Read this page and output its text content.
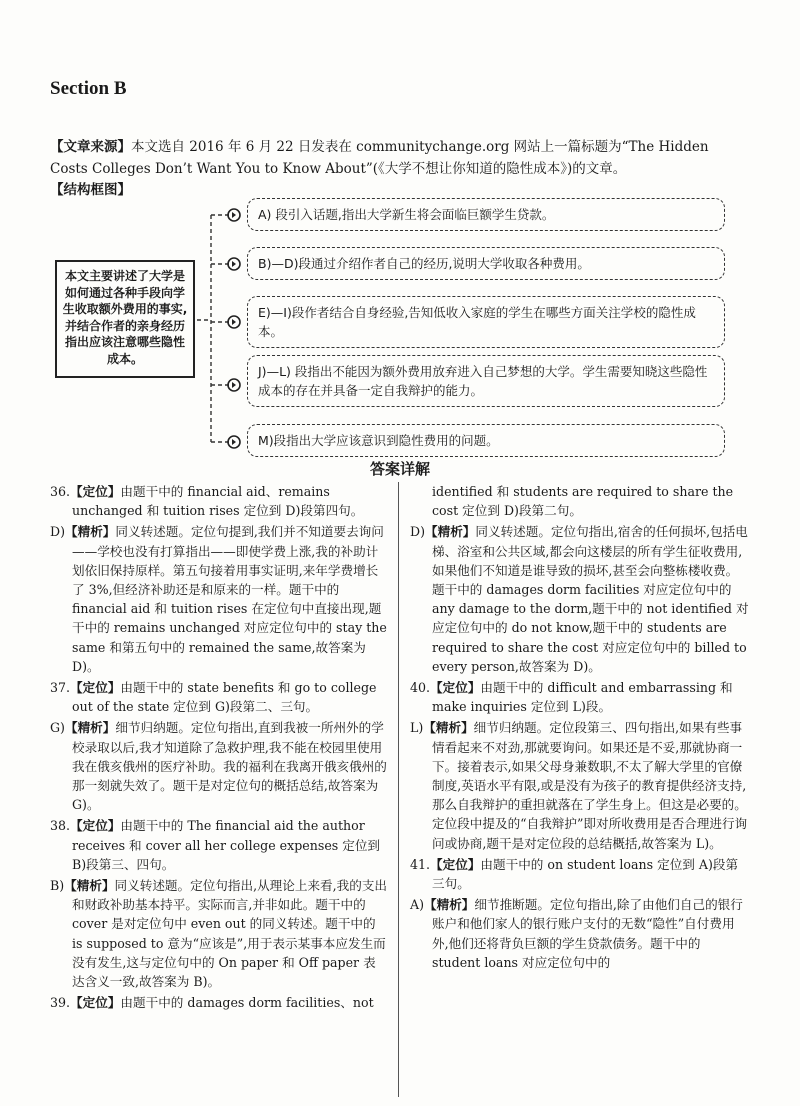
Section B
【文章来源】本文选自 2016 年 6 月 22 日发表在 communitychange.org 网站上一篇标题为“The Hidden Costs Colleges Don’t Want You to Know About”(《大学不想让你知道的隐性成本》)的文章。
【结构框图】
本文主要讲述了大学是如何通过各种手段向学生收取额外费用的事实,并结合作者的亲身经历指出应该注意哪些隐性成本。
A) 段引入话题,指出大学新生将会面临巨额学生贷款。
B)—D)段通过介绍作者自己的经历,说明大学收取各种费用。
E)—I)段作者结合自身经验,告知低收入家庭的学生在哪些方面关注学校的隐性成本。
J)—L) 段指出不能因为额外费用放弃进入自己梦想的大学。学生需要知晓这些隐性成本的存在并具备一定自我辩护的能力。
M)段指出大学应该意识到隐性费用的问题。
答案详解

36.【定位】由题干中的 financial aid、remains unchanged 和 tuition rises 定位到 D)段第四句。

D)【精析】同义转述题。定位句提到,我们并不知道要去询问——学校也没有打算指出——即使学费上涨,我的补助计划依旧保持原样。第五句接着用事实证明,来年学费增长了 3%,但经济补助还是和原来的一样。题干中的 financial aid 和 tuition rises 在定位句中直接出现,题干中的 remains unchanged 对应定位句中的 stay the same 和第五句中的 remained the same,故答案为 D)。

37.【定位】由题干中的 state benefits 和 go to college out of the state 定位到 G)段第二、三句。

G)【精析】细节归纳题。定位句指出,直到我被一所州外的学校录取以后,我才知道除了急救护理,我不能在校园里使用我在俄亥俄州的医疗补助。我的福利在我离开俄亥俄州的那一刻就失效了。题干是对定位句的概括总结,故答案为 G)。

38.【定位】由题干中的 The financial aid the author receives 和 cover all her college expenses 定位到 B)段第三、四句。

B)【精析】同义转述题。定位句指出,从理论上来看,我的支出和财政补助基本持平。实际而言,并非如此。题干中的 cover 是对定位句中 even out 的同义转述。题干中的 is supposed to 意为“应该是”,用于表示某事本应发生而没有发生,这与定位句中的 On paper 和 Off paper 表达含义一致,故答案为 B)。

39.【定位】由题干中的 damages dorm facilities、not

identified 和 students are required to share the cost 定位到 D)段第二句。

D)【精析】同义转述题。定位句指出,宿舍的任何损坏,包括电梯、浴室和公共区域,都会向这楼层的所有学生征收费用,如果他们不知道是谁导致的损坏,甚至会向整栋楼收费。题干中的 damages dorm facilities 对应定位句中的 any damage to the dorm,题干中的 not identified 对应定位句中的 do not know,题干中的 students are required to share the cost 对应定位句中的 billed to every person,故答案为 D)。

40.【定位】由题干中的 difficult and embarrassing 和 make inquiries 定位到 L)段。

L)【精析】细节归纳题。定位段第三、四句指出,如果有些事情看起来不对劲,那就要询问。如果还是不妥,那就协商一下。接着表示,如果父母身兼数职,不太了解大学里的官僚制度,英语水平有限,或是没有为孩子的教育提供经济支持,那么自我辩护的重担就落在了学生身上。但这是必要的。定位段中提及的“自我辩护”即对所收费用是否合理进行询问或协商,题干是对定位段的总结概括,故答案为 L)。

41.【定位】由题干中的 on student loans 定位到 A)段第三句。

A)【精析】细节推断题。定位句指出,除了由他们自己的银行账户和他们家人的银行账户支付的无数“隐性”自付费用外,他们还将背负巨额的学生贷款债务。题干中的 student loans 对应定位句中的
